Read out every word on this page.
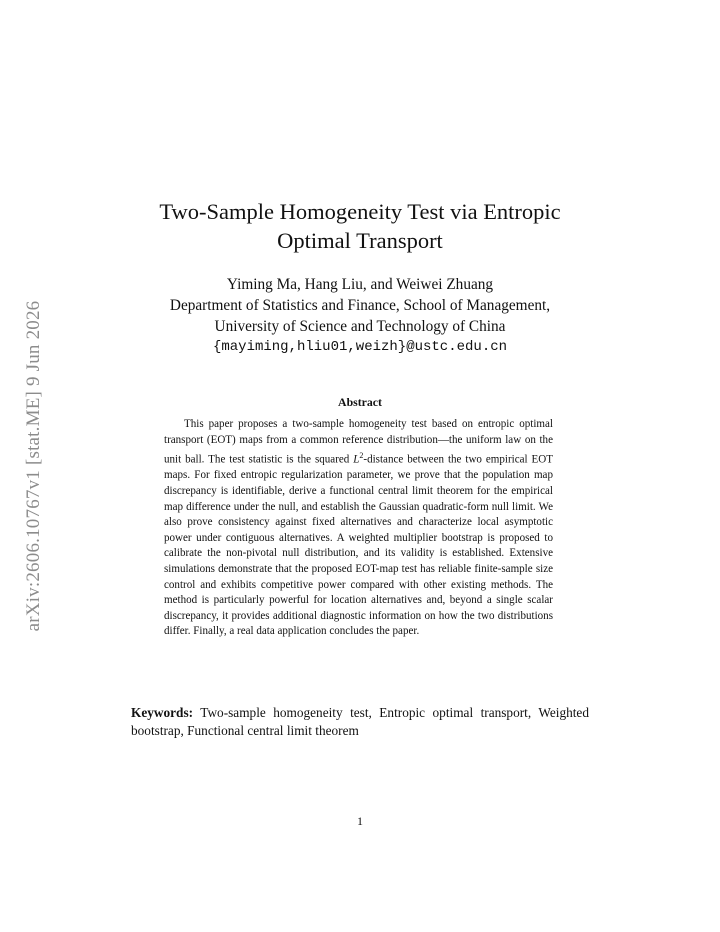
arXiv:2606.10767v1 [stat.ME] 9 Jun 2026
Two-Sample Homogeneity Test via Entropic
Optimal Transport
Yiming Ma, Hang Liu, and Weiwei Zhuang
Department of Statistics and Finance, School of Management,
University of Science and Technology of China
{mayiming,hliu01,weizh}@ustc.edu.cn
Abstract
This paper proposes a two-sample homogeneity test based on entropic optimal transport (EOT) maps from a common reference distribution—the uniform law on the unit ball. The test statistic is the squared $L^2$-distance between the two empirical EOT maps. For fixed entropic regularization parameter, we prove that the population map discrepancy is identifiable, derive a functional central limit theorem for the empirical map difference under the null, and establish the Gaussian quadratic-form null limit. We also prove consistency against fixed alternatives and characterize local asymptotic power under contiguous alternatives. A weighted multiplier bootstrap is proposed to calibrate the non-pivotal null distribution, and its validity is established. Extensive simulations demonstrate that the proposed EOT-map test has reliable finite-sample size control and exhibits competitive power compared with other existing methods. The method is particularly powerful for location alternatives and, beyond a single scalar discrepancy, it provides additional diagnostic information on how the two distributions differ. Finally, a real data application concludes the paper.
Keywords: Two-sample homogeneity test, Entropic optimal transport, Weighted bootstrap, Functional central limit theorem
1
